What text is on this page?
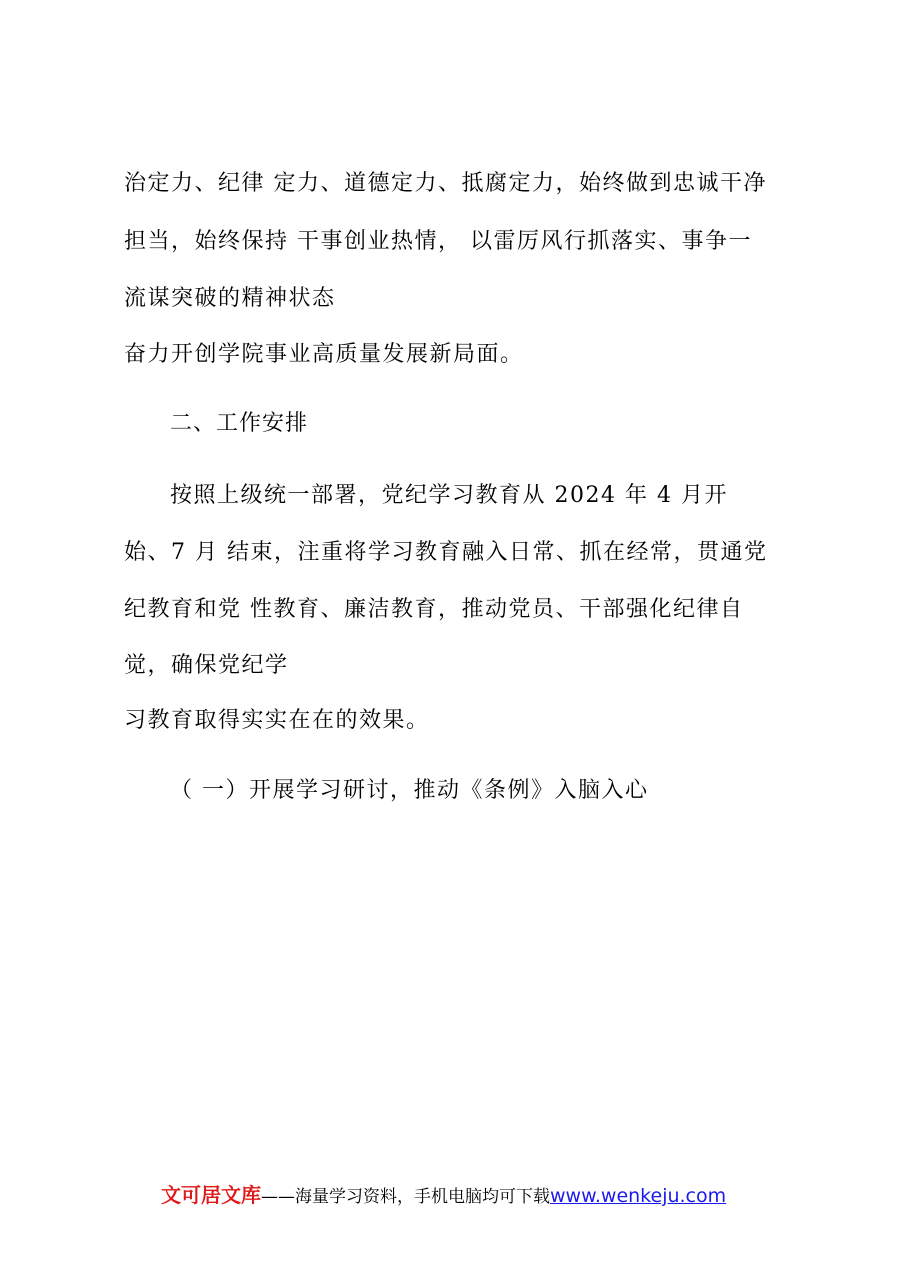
治定力、纪律 定力、道德定力、抵腐定力，始终做到忠诚干净
担当，始终保持 干事创业热情， 以雷厉风行抓落实、事争一
流谋突破的精神状态
奋力开创学院事业高质量发展新局面。
二、工作安排
按照上级统一部署，党纪学习教育从 2024 年 4 月开
始、7 月 结束，注重将学习教育融入日常、抓在经常，贯通党
纪教育和党 性教育、廉洁教育，推动党员、干部强化纪律自
觉，确保党纪学
习教育取得实实在在的效果。
（ 一）开展学习研讨，推动《条例》入脑入心
文可居文库——海量学习资料，手机电脑均可下载www.wenkeju.com
